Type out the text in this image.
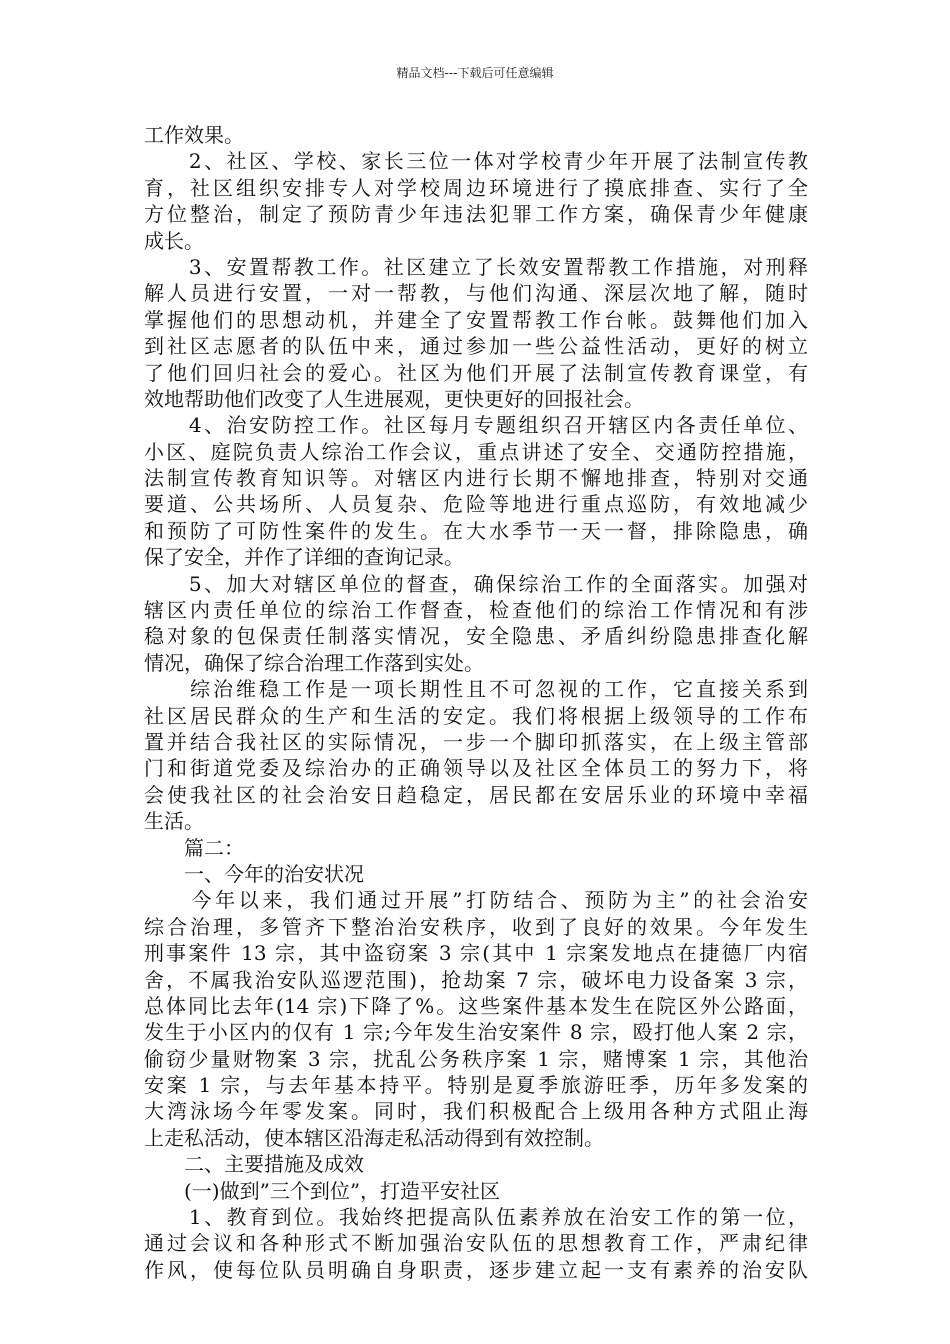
精品文档---下载后可任意编辑
工作效果。
　　2、社区、学校、家长三位一体对学校青少年开展了法制宣传教
育，社区组织安排专人对学校周边环境进行了摸底排查、实行了全
方位整治，制定了预防青少年违法犯罪工作方案，确保青少年健康
成长。
　　3、安置帮教工作。社区建立了长效安置帮教工作措施，对刑释
解人员进行安置，一对一帮教，与他们沟通、深层次地了解，随时
掌握他们的思想动机，并建全了安置帮教工作台帐。鼓舞他们加入
到社区志愿者的队伍中来，通过参加一些公益性活动，更好的树立
了他们回归社会的爱心。社区为他们开展了法制宣传教育课堂，有
效地帮助他们改变了人生进展观，更快更好的回报社会。
　　4、治安防控工作。社区每月专题组织召开辖区内各责任单位、
小区、庭院负责人综治工作会议，重点讲述了安全、交通防控措施，
法制宣传教育知识等。对辖区内进行长期不懈地排查，特别对交通
要道、公共场所、人员复杂、危险等地进行重点巡防，有效地减少
和预防了可防性案件的发生。在大水季节一天一督，排除隐患，确
保了安全，并作了详细的查询记录。
　　5、加大对辖区单位的督查，确保综治工作的全面落实。加强对
辖区内责任单位的综治工作督查，检查他们的综治工作情况和有涉
稳对象的包保责任制落实情况，安全隐患、矛盾纠纷隐患排查化解
情况，确保了综合治理工作落到实处。
　　综治维稳工作是一项长期性且不可忽视的工作，它直接关系到
社区居民群众的生产和生活的安定。我们将根据上级领导的工作布
置并结合我社区的实际情况，一步一个脚印抓落实，在上级主管部
门和街道党委及综治办的正确领导以及社区全体员工的努力下，将
会使我社区的社会治安日趋稳定，居民都在安居乐业的环境中幸福
生活。
　　篇二：
　　一、今年的治安状况
　　今年以来，我们通过开展”打防结合、预防为主”的社会治安
综合治理，多管齐下整治治安秩序，收到了良好的效果。今年发生
刑事案件 13 宗，其中盗窃案 3 宗(其中 1 宗案发地点在捷德厂内宿
舍，不属我治安队巡逻范围)，抢劫案 7 宗，破坏电力设备案 3 宗，
总体同比去年(14 宗)下降了%。这些案件基本发生在院区外公路面，
发生于小区内的仅有 1 宗;今年发生治安案件 8 宗，殴打他人案 2 宗，
偷窃少量财物案 3 宗，扰乱公务秩序案 1 宗，赌博案 1 宗，其他治
安案 1 宗，与去年基本持平。特别是夏季旅游旺季，历年多发案的
大湾泳场今年零发案。同时，我们积极配合上级用各种方式阻止海
上走私活动，使本辖区沿海走私活动得到有效控制。
　　二、主要措施及成效
　　(一)做到”三个到位”，打造平安社区
　　1、教育到位。我始终把提高队伍素养放在治安工作的第一位，
通过会议和各种形式不断加强治安队伍的思想教育工作，严肃纪律
作风，使每位队员明确自身职责，逐步建立起一支有素养的治安队
